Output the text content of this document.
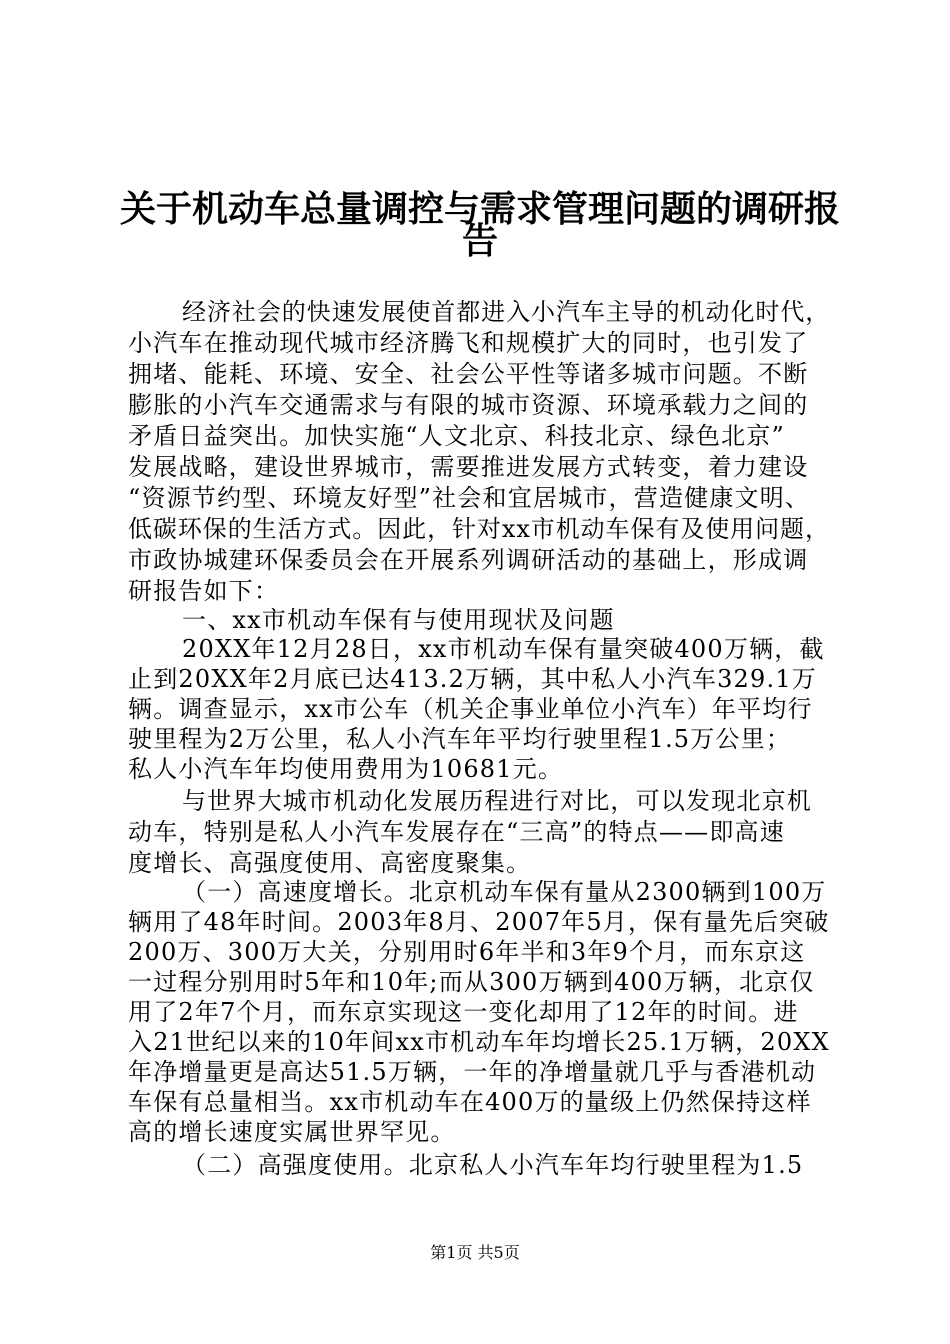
关于机动车总量调控与需求管理问题的调研报
告
经济社会的快速发展使首都进入小汽车主导的机动化时代，
小汽车在推动现代城市经济腾飞和规模扩大的同时，也引发了
拥堵、能耗、环境、安全、社会公平性等诸多城市问题。不断
膨胀的小汽车交通需求与有限的城市资源、环境承载力之间的
矛盾日益突出。加快实施“人文北京、科技北京、绿色北京”
发展战略，建设世界城市，需要推进发展方式转变，着力建设
“资源节约型、环境友好型”社会和宜居城市，营造健康文明、
低碳环保的生活方式。因此，针对xx市机动车保有及使用问题，
市政协城建环保委员会在开展系列调研活动的基础上，形成调
研报告如下：
一、xx市机动车保有与使用现状及问题
20XX年12月28日，xx市机动车保有量突破400万辆，截
止到20XX年2月底已达413.2万辆，其中私人小汽车329.1万
辆。调查显示，xx市公车（机关企事业单位小汽车）年平均行
驶里程为2万公里，私人小汽车年平均行驶里程1.5万公里；
私人小汽车年均使用费用为10681元。
与世界大城市机动化发展历程进行对比，可以发现北京机
动车，特别是私人小汽车发展存在“三高”的特点——即高速
度增长、高强度使用、高密度聚集。
（一）高速度增长。北京机动车保有量从2300辆到100万
辆用了48年时间。2003年8月、2007年5月，保有量先后突破
200万、300万大关，分别用时6年半和3年9个月，而东京这
一过程分别用时5年和10年;而从300万辆到400万辆，北京仅
用了2年7个月，而东京实现这一变化却用了12年的时间。进
入21世纪以来的10年间xx市机动车年均增长25.1万辆，20XX
年净增量更是高达51.5万辆，一年的净增量就几乎与香港机动
车保有总量相当。xx市机动车在400万的量级上仍然保持这样
高的增长速度实属世界罕见。
（二）高强度使用。北京私人小汽车年均行驶里程为1.5
第1页 共5页
